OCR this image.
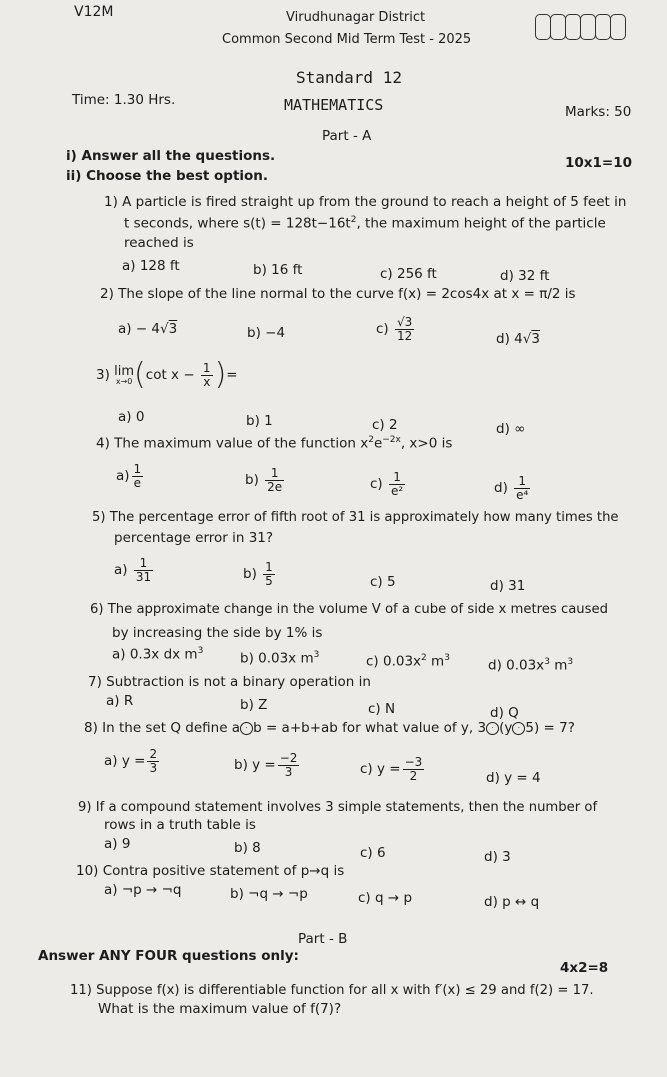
V12M	Virudhunagar District
Common Second Mid Term Test - 2025
Standard 12
Time: 1.30 Hrs.	MATHEMATICS	Marks: 50
Part - A
i) Answer all the questions.	10x1=10
ii) Choose the best option.
1) A particle is fired straight up from the ground to reach a height of 5 feet in
t seconds, where $s(t) = 128t-16t^2$, the maximum height of the particle
reached is
a) 128 ft	b) 16 ft	c) 256 ft	d) 32 ft
2) The slope of the line normal to the curve f(x) = 2cos4x at x = π/2 is
a) − 4√3	b) −4	$c) \frac{√3}{12}$	d) 4√3
3) lim
x→0 (cot $x - \frac{1}{x}$ )=
a) 0	b) 1	c) 2	d) ∞
4) The maximum value of the function $x^2e^{-2x}$, x>0 is
$a) \frac{1}{e}$	$b) \frac{1}{2e}$	$c) \frac{1}{\text{e²}}$	$d) \frac{1}{\text{e⁴}}$
5) The percentage error of fifth root of 31 is approximately how many times the
percentage error in 31?
$a) \frac{1}{31}$	$b) \frac{1}{5}$	c) 5	d) 31
6) The approximate change in the volume V of a cube of side x metres caused
by increasing the side by 1% is
a) 0.3x dx $m^3$	b) 0.03x $m^3$	c) $0.03x^2$ $m^3$	d) $0.03x^3$ $m^3$
7) Subtraction is not a binary operation in
a) R	b) Z	c) N	d) Q
8) In the set Q define a · b = a+b+ab for what value of y, 3 · (y · 5) = 7?
a) $y = \frac{2}{3}$	b) $y = \frac{-2}{3}$	c) $y = \frac{-3}{2}$	d) y = 4
9) If a compound statement involves 3 simple statements, then the number of
rows in a truth table is
a) 9	b) 8	c) 6	d) 3
10) Contra positive statement of p→q is
a) ¬p → ¬q	b) ¬q → ¬p	c) q → p	d) p ↔ q
Part - B
Answer ANY FOUR questions only:
4x2=8
11) Suppose f(x) is differentiable function for all x with f′(x) ≤ 29 and f(2) = 17.
What is the maximum value of f(7)?
